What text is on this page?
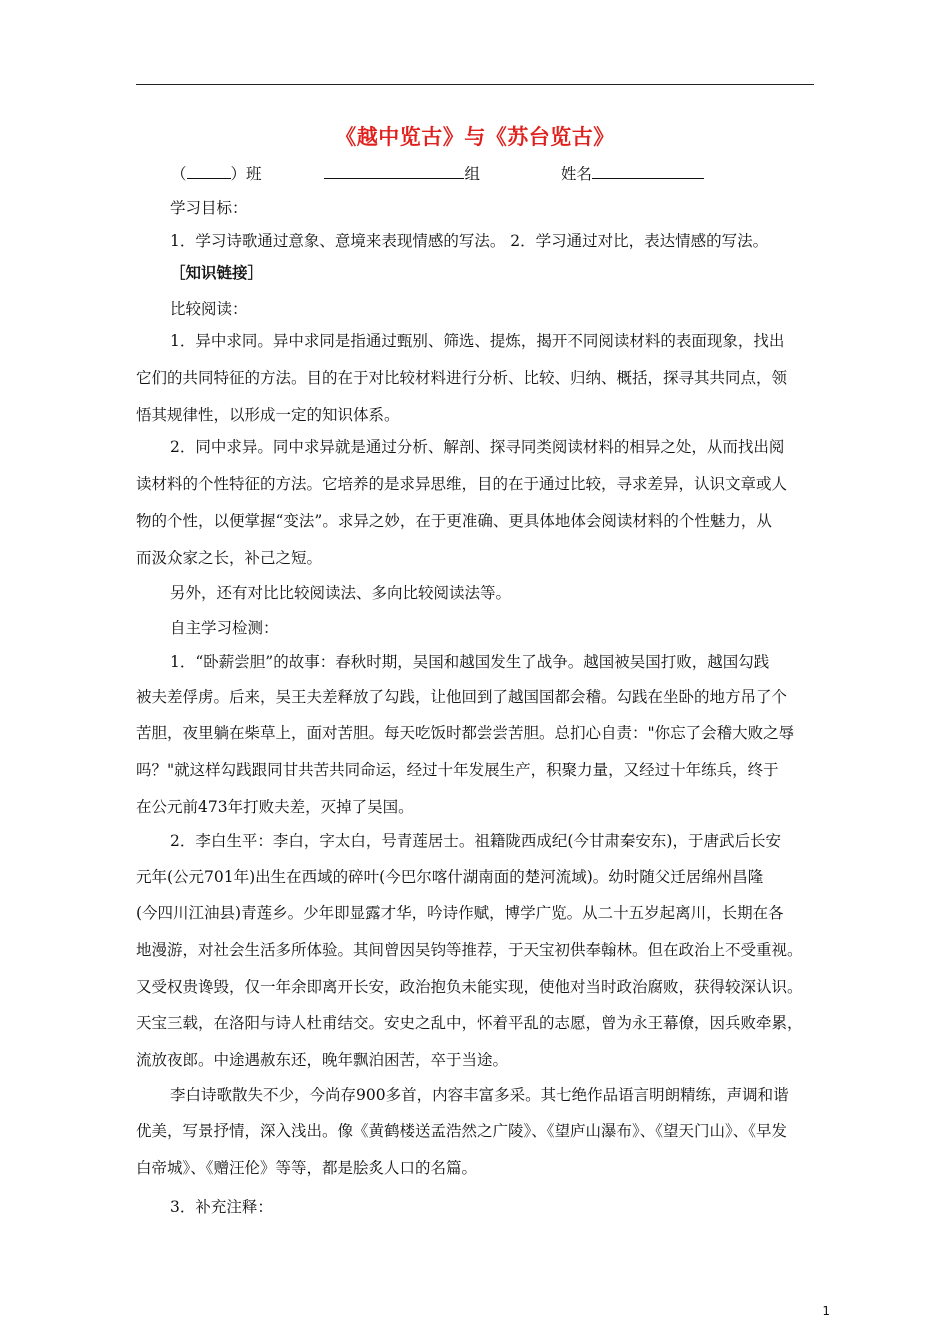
《越中览古》与《苏台览古》
（	）班	组	姓名
学习目标：
1．学习诗歌通过意象、意境来表现情感的写法。 2．学习通过对比，表达情感的写法。
［知识链接］
比较阅读：
1．异中求同。异中求同是指通过甄别、筛选、提炼，揭开不同阅读材料的表面现象，找出
它们的共同特征的方法。目的在于对比较材料进行分析、比较、归纳、概括，探寻其共同点，领
悟其规律性，以形成一定的知识体系。
2．同中求异。同中求异就是通过分析、解剖、探寻同类阅读材料的相异之处，从而找出阅
读材料的个性特征的方法。它培养的是求异思维，目的在于通过比较，寻求差异，认识文章或人
物的个性，以便掌握“变法”。求异之妙，在于更准确、更具体地体会阅读材料的个性魅力，从
而汲众家之长，补己之短。
另外，还有对比比较阅读法、多向比较阅读法等。
自主学习检测：
1．“卧薪尝胆”的故事：春秋时期，吴国和越国发生了战争。越国被吴国打败，越国勾践
被夫差俘虏。后来，吴王夫差释放了勾践，让他回到了越国国都会稽。勾践在坐卧的地方吊了个
苦胆，夜里躺在柴草上，面对苦胆。每天吃饭时都尝尝苦胆。总扪心自责："你忘了会稽大败之辱
吗？"就这样勾践跟同甘共苦共同命运，经过十年发展生产，积聚力量，又经过十年练兵，终于
在公元前473年打败夫差，灭掉了吴国。
2．李白生平：李白，字太白，号青莲居士。祖籍陇西成纪(今甘肃秦安东)，于唐武后长安
元年(公元701年)出生在西域的碎叶(今巴尔喀什湖南面的楚河流域)。幼时随父迁居绵州昌隆
(今四川江油县)青莲乡。少年即显露才华，吟诗作赋，博学广览。从二十五岁起离川，长期在各
地漫游，对社会生活多所体验。其间曾因吴钧等推荐，于天宝初供奉翰林。但在政治上不受重视。
又受权贵谗毁，仅一年余即离开长安，政治抱负未能实现，使他对当时政治腐败，获得较深认识。
天宝三载，在洛阳与诗人杜甫结交。安史之乱中，怀着平乱的志愿，曾为永王幕僚，因兵败牵累，
流放夜郎。中途遇赦东还，晚年飘泊困苦，卒于当途。
李白诗歌散失不少，今尚存900多首，内容丰富多采。其七绝作品语言明朗精练，声调和谐
优美，写景抒情，深入浅出。像《黄鹤楼送孟浩然之广陵》、《望庐山瀑布》、《望天门山》、《早发
白帝城》、《赠汪伦》等等，都是脍炙人口的名篇。
3．补充注释：
1
